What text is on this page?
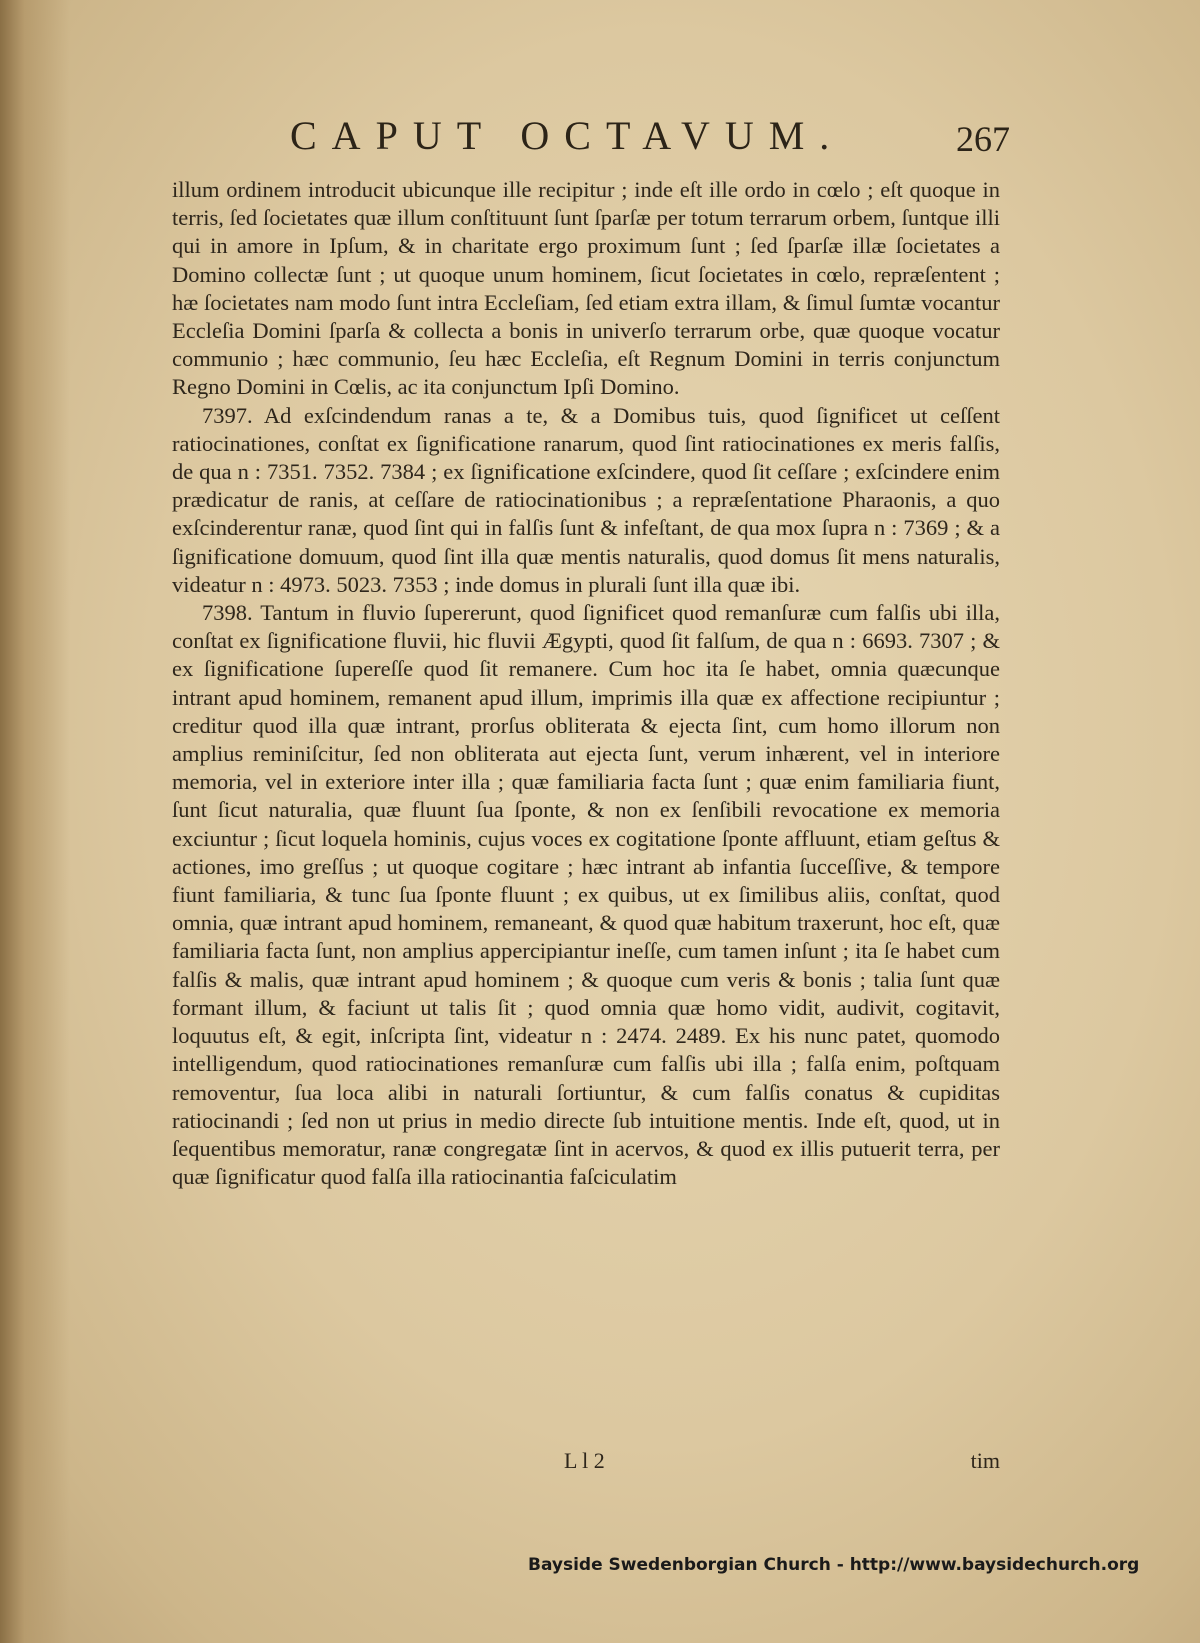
CAPUT OCTAVUM.	267

illum ordinem introducit ubicunque ille recipitur ; inde eſt ille ordo in cœlo ; eſt quoque in terris, ſed ſocietates quæ illum conſtituunt ſunt ſparſæ per totum terrarum orbem, ſuntque illi qui in amore in Ipſum, & in charitate ergo proximum ſunt ; ſed ſparſæ illæ ſocietates a Domino collectæ ſunt ; ut quoque unum hominem, ſicut ſocietates in cœlo, repræſentent ; hæ ſocietates nam modo ſunt intra Eccleſiam, ſed etiam extra illam, & ſimul ſumtæ vocantur Eccleſia Domini ſparſa & collecta a bonis in univerſo terrarum orbe, quæ quoque vocatur communio ; hæc communio, ſeu hæc Eccleſia, eſt Regnum Domini in terris conjunctum Regno Domini in Cœlis, ac ita conjunctum Ipſi Domino.

7397. Ad exſcindendum ranas a te, & a Domibus tuis, quod ſignificet ut ceſſent ratiocinationes, conſtat ex ſignificatione ranarum, quod ſint ratiocinationes ex meris falſis, de qua n : 7351. 7352. 7384 ; ex ſignificatione exſcindere, quod ſit ceſſare ; exſcindere enim prædicatur de ranis, at ceſſare de ratiocinationibus ; a repræſentatione Pharaonis, a quo exſcinderentur ranæ, quod ſint qui in falſis ſunt & infeſtant, de qua mox ſupra n : 7369 ; & a ſignificatione domuum, quod ſint illa quæ mentis naturalis, quod domus ſit mens naturalis, videatur n : 4973. 5023. 7353 ; inde domus in plurali ſunt illa quæ ibi.

7398. Tantum in fluvio ſupererunt, quod ſignificet quod remanſuræ cum falſis ubi illa, conſtat ex ſignificatione fluvii, hic fluvii Ægypti, quod ſit falſum, de qua n : 6693. 7307 ; & ex ſignificatione ſupereſſe quod ſit remanere. Cum hoc ita ſe habet, omnia quæcunque intrant apud hominem, remanent apud illum, imprimis illa quæ ex affectione recipiuntur ; creditur quod illa quæ intrant, prorſus obliterata & ejecta ſint, cum homo illorum non amplius reminiſcitur, ſed non obliterata aut ejecta ſunt, verum inhærent, vel in interiore memoria, vel in exteriore inter illa ; quæ familiaria facta ſunt ; quæ enim familiaria fiunt, ſunt ſicut naturalia, quæ fluunt ſua ſponte, & non ex ſenſibili revocatione ex memoria exciuntur ; ſicut loquela hominis, cujus voces ex cogitatione ſponte affluunt, etiam geſtus & actiones, imo greſſus ; ut quoque cogitare ; hæc intrant ab infantia ſucceſſive, & tempore fiunt familiaria, & tunc ſua ſponte fluunt ; ex quibus, ut ex ſimilibus aliis, conſtat, quod omnia, quæ intrant apud hominem, remaneant, & quod quæ habitum traxerunt, hoc eſt, quæ familiaria facta ſunt, non amplius appercipiantur ineſſe, cum tamen inſunt ; ita ſe habet cum falſis & malis, quæ intrant apud hominem ; & quoque cum veris & bonis ; talia ſunt quæ formant illum, & faciunt ut talis ſit ; quod omnia quæ homo vidit, audivit, cogitavit, loquutus eſt, & egit, inſcripta ſint, videatur n : 2474. 2489. Ex his nunc patet, quomodo intelligendum, quod ratiocinationes remanſuræ cum falſis ubi illa ; falſa enim, poſtquam removentur, ſua loca alibi in naturali ſortiuntur, & cum falſis conatus & cupiditas ratiocinandi ; ſed non ut prius in medio directe ſub intuitione mentis. Inde eſt, quod, ut in ſequentibus memoratur, ranæ congregatæ ſint in acervos, & quod ex illis putuerit terra, per quæ ſignificatur quod falſa illa ratiocinantia faſciculatim

L l 2	tim
Bayside Swedenborgian Church - http://www.baysidechurch.org
